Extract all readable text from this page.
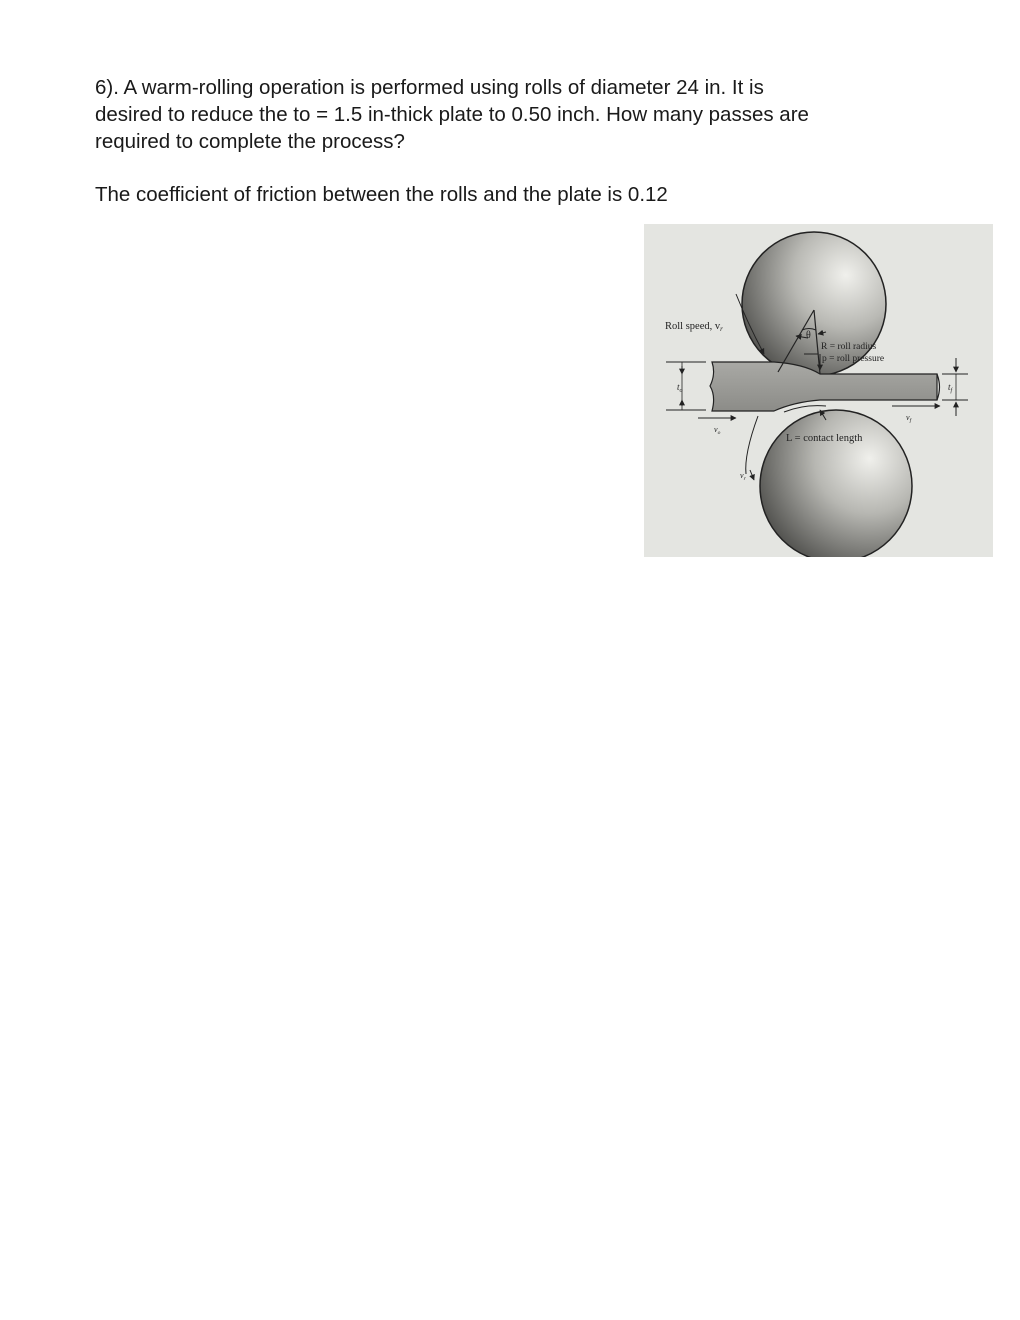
6). A warm-rolling operation is performed using rolls of diameter 24 in. It is
desired to reduce the to = 1.5 in-thick plate to 0.50 inch. How many passes are
required to complete the process?
The coefficient of friction between the rolls and the plate is 0.12
Roll speed, vr
θ
R = roll radius
p = roll pressure
L = contact length
$t_o$	$t_f$
$v_o$
$v_f$
$v_r$
